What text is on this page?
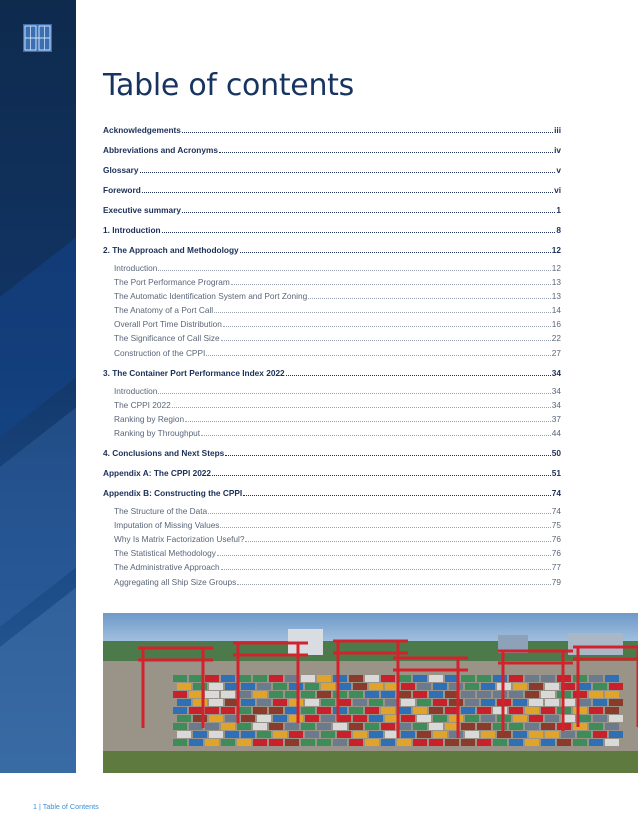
Table of contents
Acknowledgements	iii
Abbreviations and Acronyms	iv
Glossary	v
Foreword	vi
Executive summary	1
1. Introduction	8
2. The Approach and Methodology	12
Introduction	12
The Port Performance Program	13
The Automatic Identification System and Port Zoning	13
The Anatomy of a Port Call	14
Overall Port Time Distribution	16
The Significance of Call Size	22
Construction of the CPPI	27
3. The Container Port Performance Index 2022	34
Introduction	34
The CPPI 2022	34
Ranking by Region	37
Ranking by Throughput	44
4. Conclusions and Next Steps	50
Appendix A: The CPPI 2022	51
Appendix B: Constructing the CPPI	74
The Structure of the Data	74
Imputation of Missing Values	75
Why Is Matrix Factorization Useful?	76
The Statistical Methodology	76
The Administrative Approach	77
Aggregating all Ship Size Groups	79
1 | Table of Contents
